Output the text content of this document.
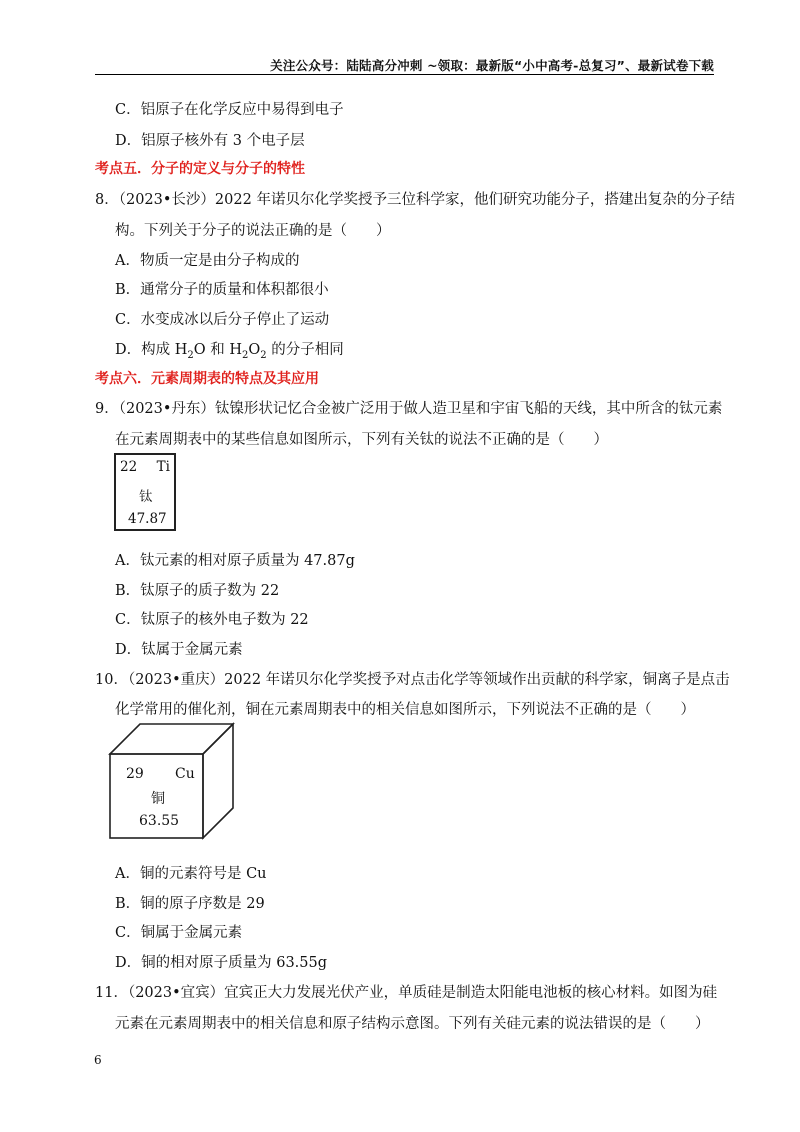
关注公众号：陆陆高分冲刺 ~领取：最新版“小中高考-总复习”、最新试卷下载
C．铝原子在化学反应中易得到电子
D．铝原子核外有 3 个电子层
考点五．分子的定义与分子的特性
8．（2023•长沙）2022 年诺贝尔化学奖授予三位科学家，他们研究功能分子，搭建出复杂的分子结
构。下列关于分子的说法正确的是（　　）
A．物质一定是由分子构成的
B．通常分子的质量和体积都很小
C．水变成冰以后分子停止了运动
D．构成 $H_2O$ 和 $H_2O_2$ 的分子相同
考点六．元素周期表的特点及其应用
9．（2023•丹东）钛镍形状记忆合金被广泛用于做人造卫星和宇宙飞船的天线，其中所含的钛元素
在元素周期表中的某些信息如图所示，下列有关钛的说法不正确的是（　　）
22 Ti
钛
47.87
A．钛元素的相对原子质量为 47.87g
B．钛原子的质子数为 22
C．钛原子的核外电子数为 22
D．钛属于金属元素
10．（2023•重庆）2022 年诺贝尔化学奖授予对点击化学等领域作出贡献的科学家，铜离子是点击
化学常用的催化剂，铜在元素周期表中的相关信息如图所示，下列说法不正确的是（　　）
29 Cu
铜
63.55
A．铜的元素符号是 Cu
B．铜的原子序数是 29
C．铜属于金属元素
D．铜的相对原子质量为 63.55g
11．（2023•宜宾）宜宾正大力发展光伏产业，单质硅是制造太阳能电池板的核心材料。如图为硅
元素在元素周期表中的相关信息和原子结构示意图。下列有关硅元素的说法错误的是（　　）
6
